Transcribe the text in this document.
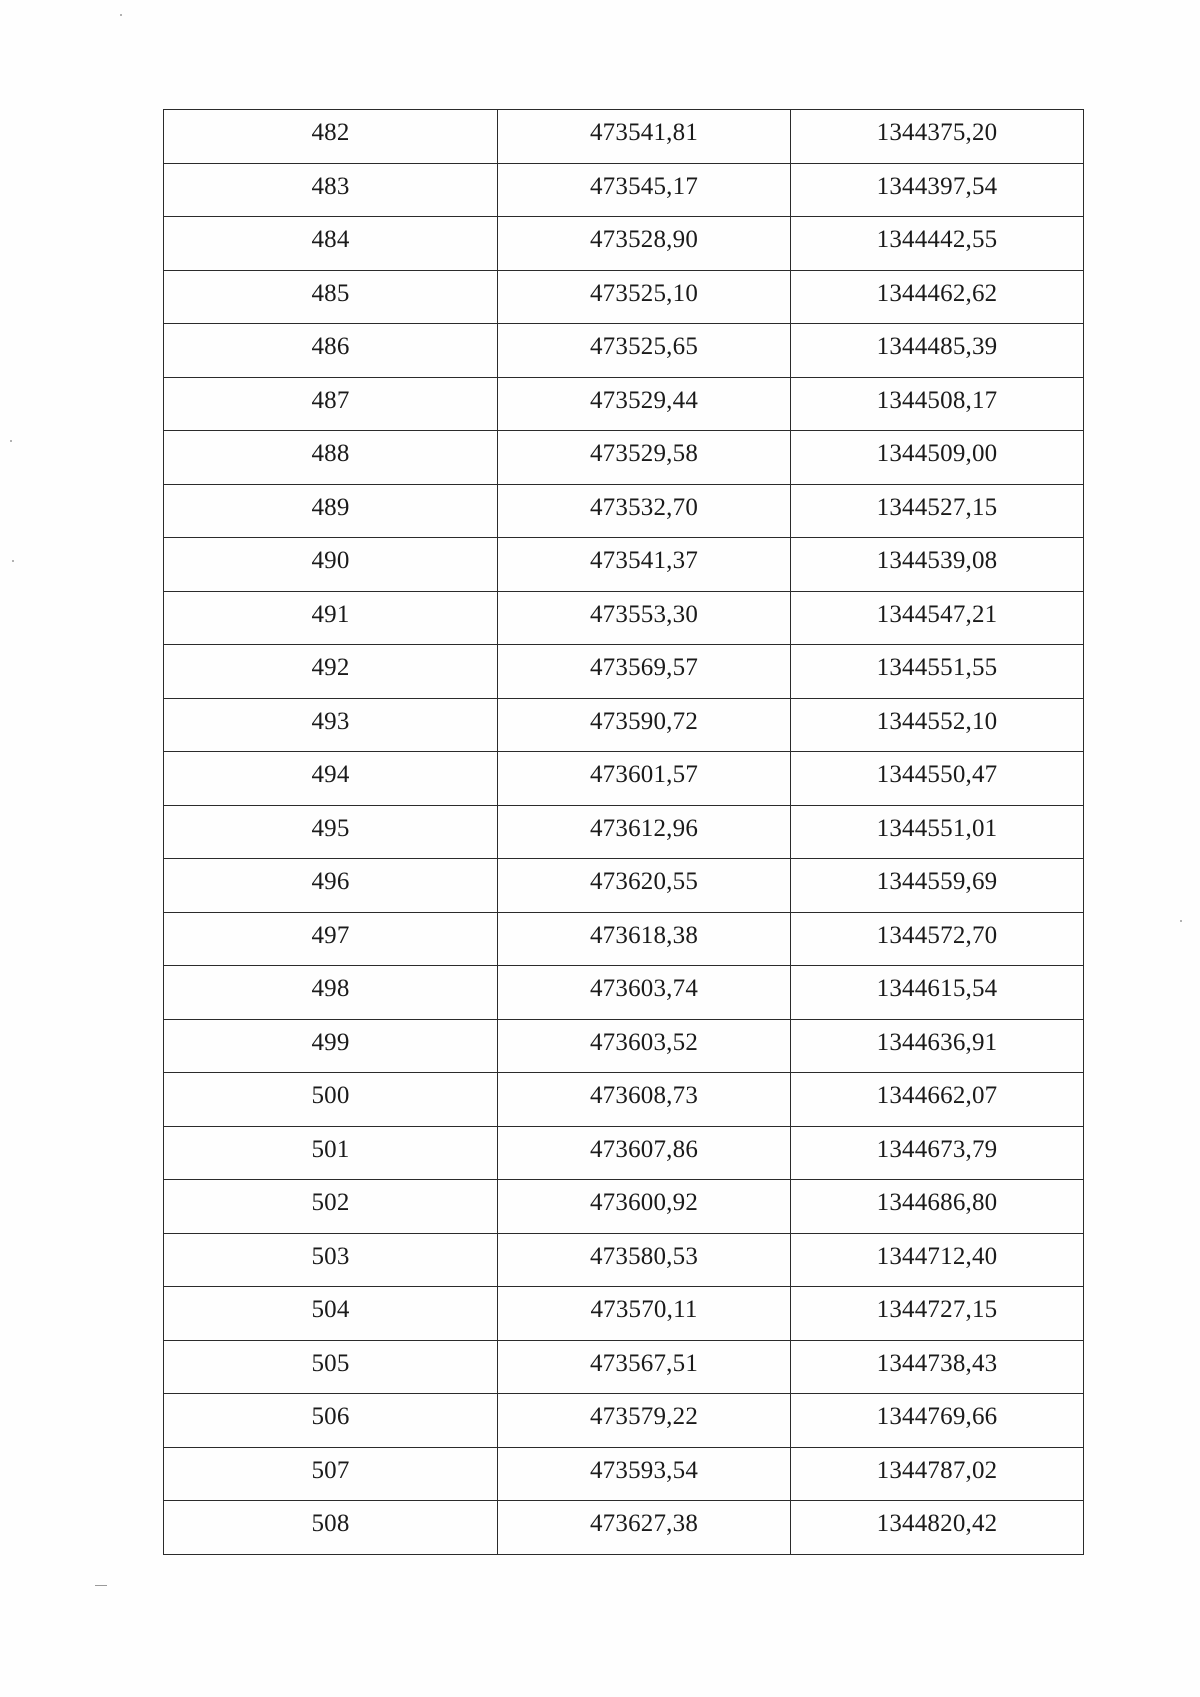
482	473541,81	1344375,20
483	473545,17	1344397,54
484	473528,90	1344442,55
485	473525,10	1344462,62
486	473525,65	1344485,39
487	473529,44	1344508,17
488	473529,58	1344509,00
489	473532,70	1344527,15
490	473541,37	1344539,08
491	473553,30	1344547,21
492	473569,57	1344551,55
493	473590,72	1344552,10
494	473601,57	1344550,47
495	473612,96	1344551,01
496	473620,55	1344559,69
497	473618,38	1344572,70
498	473603,74	1344615,54
499	473603,52	1344636,91
500	473608,73	1344662,07
501	473607,86	1344673,79
502	473600,92	1344686,80
503	473580,53	1344712,40
504	473570,11	1344727,15
505	473567,51	1344738,43
506	473579,22	1344769,66
507	473593,54	1344787,02
508	473627,38	1344820,42
